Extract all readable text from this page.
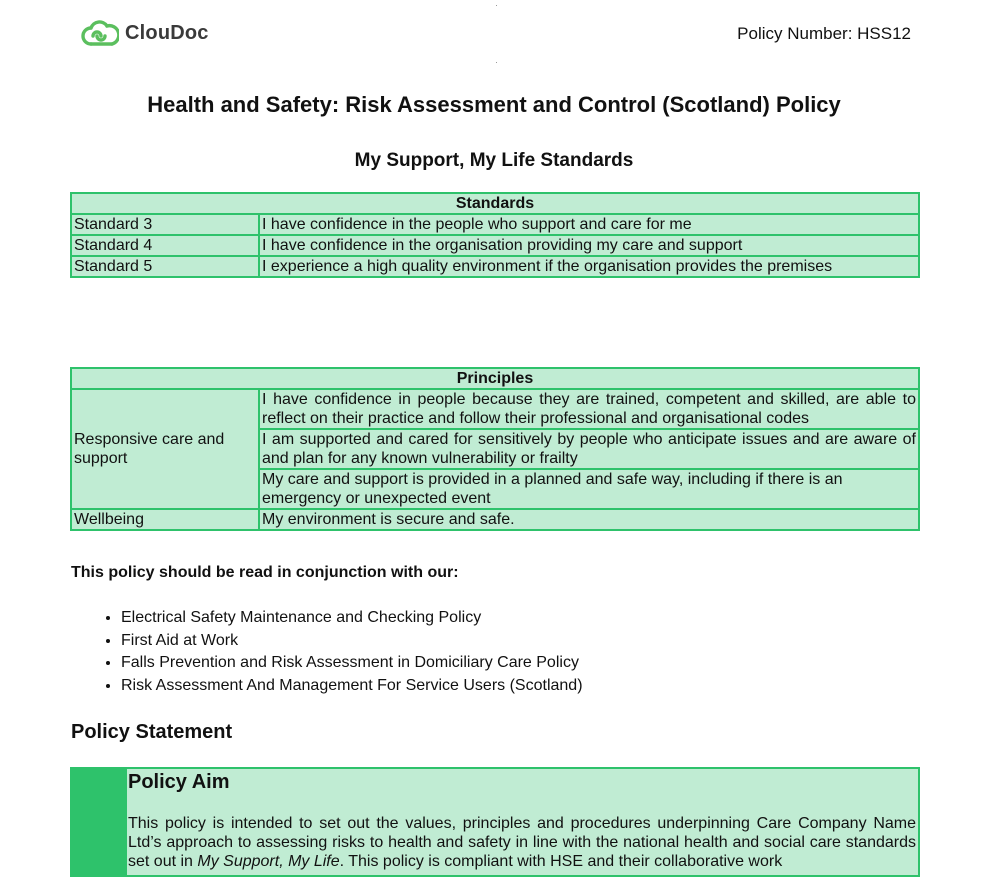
ClouDoc	Policy Number: HSS12
Health and Safety: Risk Assessment and Control (Scotland) Policy
My Support, My Life Standards
Standards	
Standard 3	I have confidence in the people who support and care for me
Standard 4	I have confidence in the organisation providing my care and support
Standard 5	I experience a high quality environment if the organisation provides the premises
Principles	
Responsive care and support	I have confidence in people because they are trained, competent and skilled, are able to reflect on their practice and follow their professional and organisational codes
	I am supported and cared for sensitively by people who anticipate issues and are aware of and plan for any known vulnerability or frailty
	My care and support is provided in a planned and safe way, including if there is an emergency or unexpected event
Wellbeing	My environment is secure and safe.
This policy should be read in conjunction with our:
• Electrical Safety Maintenance and Checking Policy
• First Aid at Work
• Falls Prevention and Risk Assessment in Domiciliary Care Policy
• Risk Assessment And Management For Service Users (Scotland)
Policy Statement
Policy Aim

This policy is intended to set out the values, principles and procedures underpinning Care Company Name Ltd’s approach to assessing risks to health and safety in line with the national health and social care standards set out in My Support, My Life. This policy is compliant with HSE and their collaborative work
